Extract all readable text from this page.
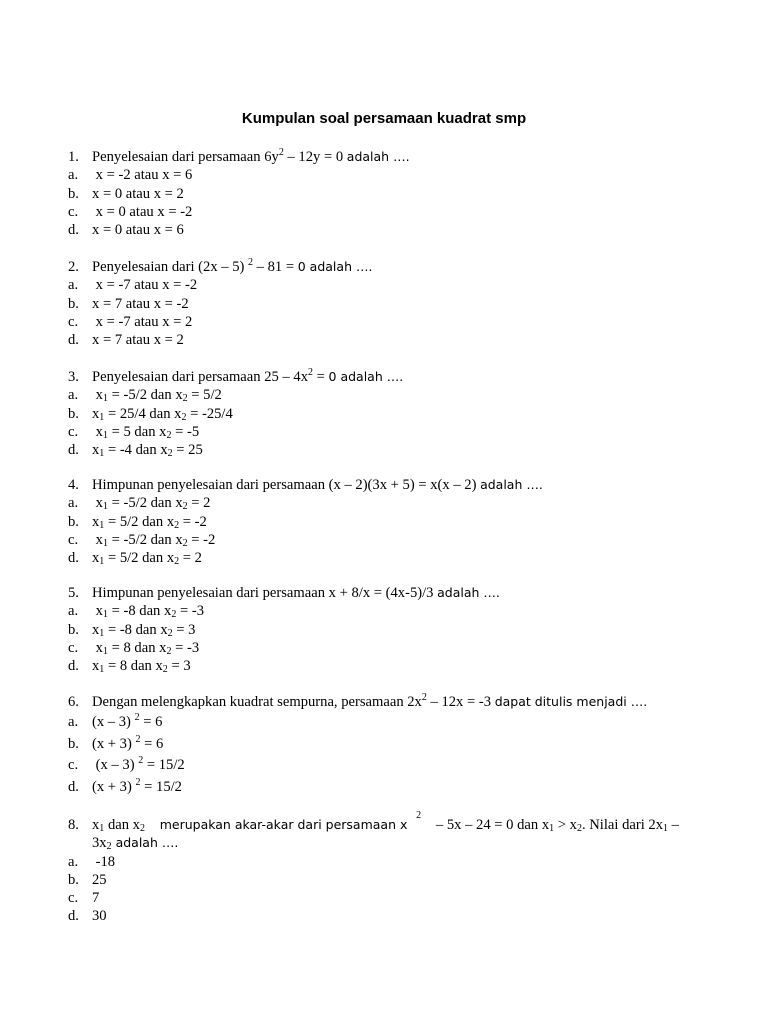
Kumpulan soal persamaan kuadrat smp
1. Penyelesaian dari persamaan $6y^2 - 12y = 0$ adalah ….
a. x = -2 atau x = 6
b. x = 0 atau x = 2
c. x = 0 atau x = -2
d. x = 0 atau x = 6
2. Penyelesaian dari (2x – 5) $^2$ – 81 = 0 adalah ….
a. x = -7 atau x = -2
b. x = 7 atau x = -2
c. x = -7 atau x = 2
d. x = 7 atau x = 2
3. Penyelesaian dari persamaan $25 - 4x^2 = 0$ adalah ….
a. $x_1 = -5/2$ dan $x_2 = 5/2$
b. $x_1 = 25/4$ dan $x_2 = -25/4$
c. $x_1 = 5$ dan $x_2 = -5$
d. $x_1 = -4$ dan $x_2 = 25$
4. Himpunan penyelesaian dari persamaan (x – 2)(3x + 5) = x(x – 2) adalah ….
a. $x_1 = -5/2$ dan $x_2 = 2$
b. $x_1 = 5/2$ dan $x_2 = -2$
c. $x_1 = -5/2$ dan $x_2 = -2$
d. $x_1 = 5/2$ dan $x_2 = 2$
5. Himpunan penyelesaian dari persamaan x + 8/x = (4x-5)/3 adalah ….
a. $x_1 = -8$ dan $x_2 = -3$
b. $x_1 = -8$ dan $x_2 = 3$
c. $x_1 = 8$ dan $x_2 = -3$
d. $x_1 = 8$ dan $x_2 = 3$
6. Dengan melengkapkan kuadrat sempurna, persamaan $2x^2 - 12x = -3$ dapat ditulis menjadi ….
a. (x – 3) $^2$ = 6
b. (x + 3) $^2$ = 6
c. (x – 3) $^2$ = 15/2
d. (x + 3) $^2$ = 15/2
8. $x_1$ dan $x_2$ merupakan akar-akar dari persamaan x
2
– 5x – 24 = 0 dan $x_1 > x_2$. Nilai dari $2x_1$ –
$3x_2$ adalah ….
a. -18
b. 25
c. 7
d. 30
